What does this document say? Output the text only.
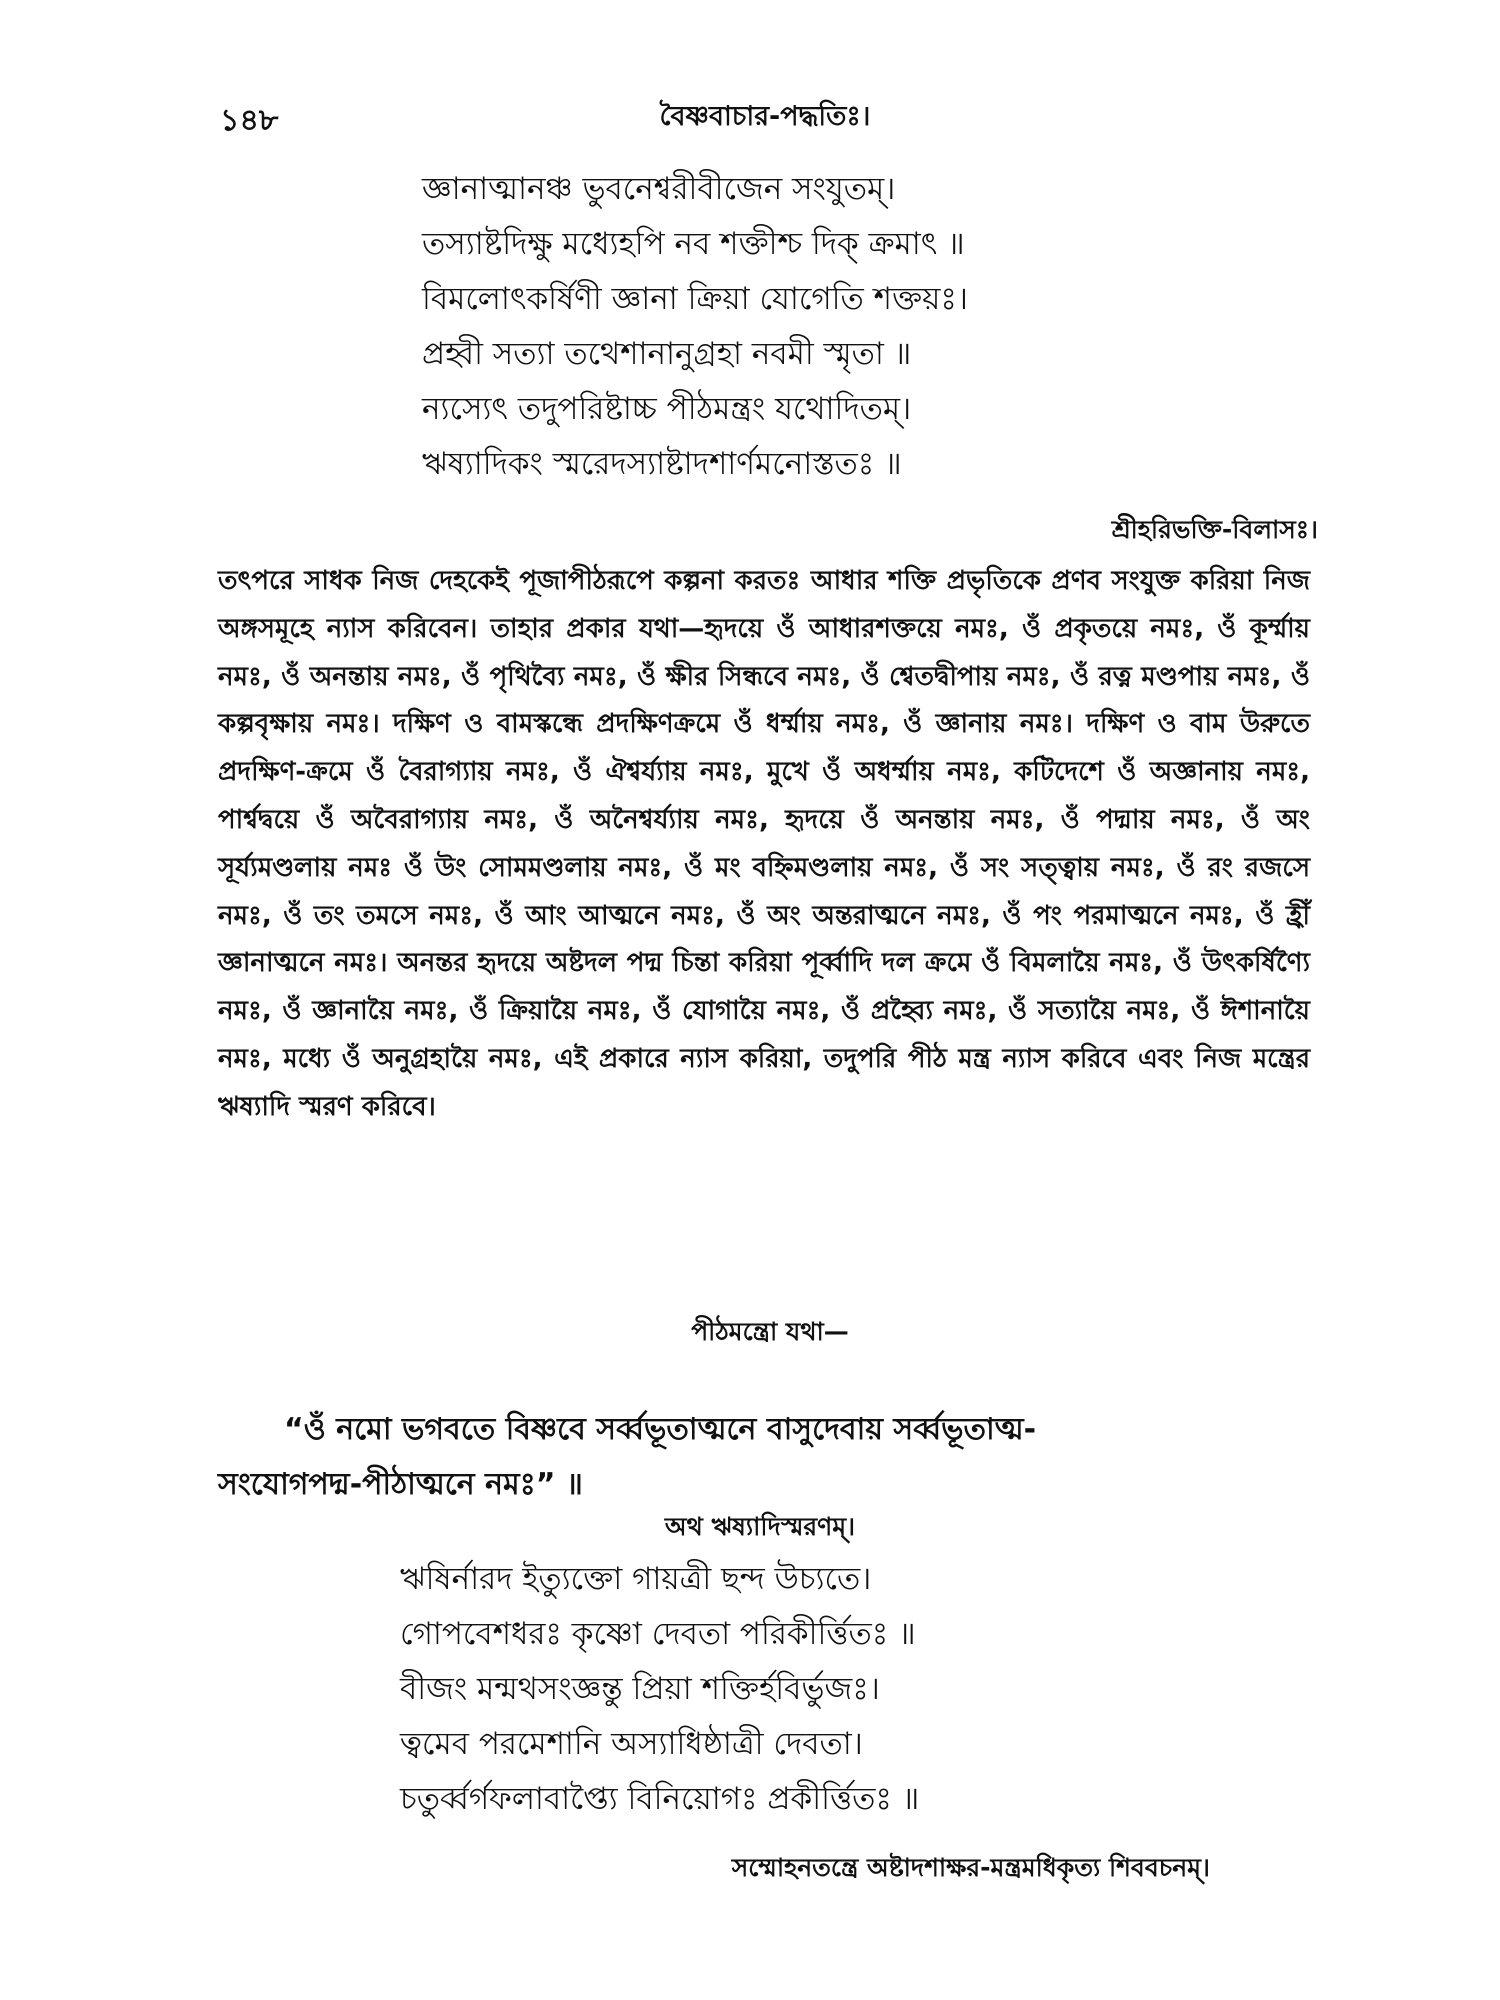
১৪৮	বৈষ্ণবাচার-পদ্ধতিঃ।
জ্ঞানাত্মানঞ্চ ভুবনেশ্বরীবীজেন সংযুতম্‌।
তস্যাষ্টদিক্ষু মধ্যেহপি নব শক্তীশ্চ দিক্‌ ক্রমাৎ ॥
বিমলোৎকর্ষিণী জ্ঞানা ক্রিয়া যোগেতি শক্তয়ঃ।
প্রহ্বী সত্যা তথেশানানুগ্রহা নবমী স্মৃতা ॥
ন্যস্যেৎ তদুপরিষ্টাচ্চ পীঠমন্ত্রং যথোদিতম্‌।
ঋষ্যাদিকং স্মরেদস্যাষ্টাদশার্ণমনোস্ততঃ ॥
শ্রীহরিভক্তি-বিলাসঃ।
তৎপরে সাধক নিজ দেহকেই পূজাপীঠরূপে কল্পনা করতঃ আধার শক্তি প্রভৃতিকে প্রণব সংযুক্ত করিয়া নিজ অঙ্গসমূহে ন্যাস করিবেন। তাহার প্রকার যথা—হৃদয়ে ওঁ আধারশক্তয়ে নমঃ, ওঁ প্রকৃতয়ে নমঃ, ওঁ কূর্ম্মায় নমঃ, ওঁ অনন্তায় নমঃ, ওঁ পৃথিব্যৈ নমঃ, ওঁ ক্ষীর সিন্ধবে নমঃ, ওঁ শ্বেতদ্বীপায় নমঃ, ওঁ রত্ন মণ্ডপায় নমঃ, ওঁ কল্পবৃক্ষায় নমঃ। দক্ষিণ ও বামস্কন্ধে প্রদক্ষিণক্রমে ওঁ ধর্ম্মায় নমঃ, ওঁ জ্ঞানায় নমঃ। দক্ষিণ ও বাম উরুতে প্রদক্ষিণ-ক্রমে ওঁ বৈরাগ্যায় নমঃ, ওঁ ঐশ্বর্য্যায় নমঃ, মুখে ওঁ অধর্ম্মায় নমঃ, কটিদেশে ওঁ অজ্ঞানায় নমঃ, পার্শ্বদ্বয়ে ওঁ অবৈরাগ্যায় নমঃ, ওঁ অনৈশ্বর্য্যায় নমঃ, হৃদয়ে ওঁ অনন্তায় নমঃ, ওঁ পদ্মায় নমঃ, ওঁ অং সূর্য্যমণ্ডলায় নমঃ ওঁ উং সোমমণ্ডলায় নমঃ, ওঁ মং বহ্নিমণ্ডলায় নমঃ, ওঁ সং সত্ত্বায় নমঃ, ওঁ রং রজসে নমঃ, ওঁ তং তমসে নমঃ, ওঁ আং আত্মনে নমঃ, ওঁ অং অন্তরাত্মনে নমঃ, ওঁ পং পরমাত্মনে নমঃ, ওঁ হ্রীঁ জ্ঞানাত্মনে নমঃ। অনন্তর হৃদয়ে অষ্টদল পদ্ম চিন্তা করিয়া পূর্ব্বাদি দল ক্রমে ওঁ বিমলায়ৈ নমঃ, ওঁ উৎকর্ষিণ্যৈ নমঃ, ওঁ জ্ঞানায়ৈ নমঃ, ওঁ ক্রিয়ায়ৈ নমঃ, ওঁ যোগায়ৈ নমঃ, ওঁ প্রহ্ব্যৈ নমঃ, ওঁ সত্যায়ৈ নমঃ, ওঁ ঈশানায়ৈ নমঃ, মধ্যে ওঁ অনুগ্রহায়ৈ নমঃ, এই প্রকারে ন্যাস করিয়া, তদুপরি পীঠ মন্ত্র ন্যাস করিবে এবং নিজ মন্ত্রের ঋষ্যাদি স্মরণ করিবে।
পীঠমন্ত্রো যথা—
“ওঁ নমো ভগবতে বিষ্ণবে সর্ব্বভূতাত্মনে বাসুদেবায় সর্ব্বভূতাত্ম-
সংযোগপদ্ম-পীঠাত্মনে নমঃ” ॥
অথ ঋষ্যাদিস্মরণম্‌।
ঋষির্নারদ ইত্যুক্তো গায়ত্রী ছন্দ উচ্যতে।
গোপবেশধরঃ কৃষ্ণো দেবতা পরিকীর্ত্তিতঃ ॥
বীজং মন্মথসংজ্ঞন্তু প্রিয়া শক্তির্হবির্ভুজঃ।
ত্বমেব পরমেশানি অস্যাধিষ্ঠাত্রী দেবতা।
চতুর্ব্বর্গফলাবাপ্ত্যৈ বিনিয়োগঃ প্রকীর্ত্তিতঃ ॥
সম্মোহনতন্ত্রে অষ্টাদশাক্ষর-মন্ত্রমধিকৃত্য শিববচনম্‌।
